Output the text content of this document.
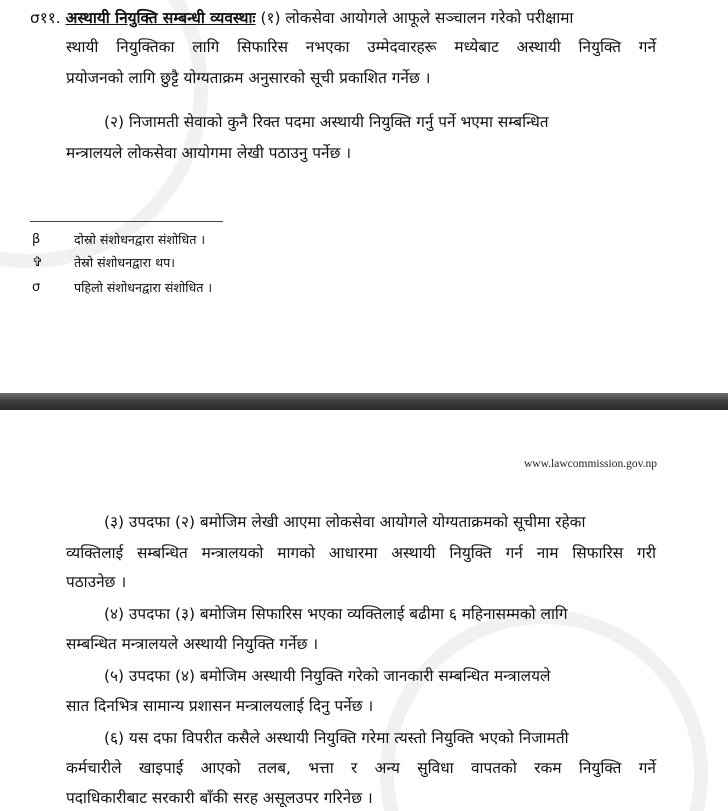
σ११. अस्थायी नियुक्ति सम्बन्धी व्यवस्थाः (१) लोकसेवा आयोगले आफूले सञ्चालन गरेको परीक्षामा
स्थायी नियुक्तिका लागि सिफारिस नभएका उम्मेदवारहरू मध्येबाट अस्थायी नियुक्ति गर्ने
प्रयोजनको लागि छुट्टै योग्यताक्रम अनुसारको सूची प्रकाशित गर्नेछ ।
(२) निजामती सेवाको कुनै रिक्त पदमा अस्थायी नियुक्ति गर्नु पर्ने भएमा सम्बन्धित
मन्त्रालयले लोकसेवा आयोगमा लेखी पठाउनु पर्नेछ ।
β	दोस्रो संशोधनद्वारा संशोधित ।
✞ तेस्रो संशोधनद्वारा थप।
σ	पहिलो संशोधनद्वारा संशोधित ।
www.lawcommission.gov.np
(३) उपदफा (२) बमोजिम लेखी आएमा लोकसेवा आयोगले योग्यताक्रमको सूचीमा रहेका
व्यक्तिलाई सम्बन्धित मन्त्रालयको मागको आधारमा अस्थायी नियुक्ति गर्न नाम सिफारिस गरी
पठाउनेछ ।
(४) उपदफा (३) बमोजिम सिफारिस भएका व्यक्तिलाई बढीमा ६ महिनासम्मको लागि
सम्बन्धित मन्त्रालयले अस्थायी नियुक्ति गर्नेछ ।
(५) उपदफा (४) बमोजिम अस्थायी नियुक्ति गरेको जानकारी सम्बन्धित मन्त्रालयले
सात दिनभित्र सामान्य प्रशासन मन्त्रालयलाई दिनु पर्नेछ ।
(६) यस दफा विपरीत कसैले अस्थायी नियुक्ति गरेमा त्यस्तो नियुक्ति भएको निजामती
कर्मचारीले खाइपाई आएको तलब, भत्ता र अन्य सुविधा वापतको रकम नियुक्ति गर्ने
पदाधिकारीबाट सरकारी बाँकी सरह असूलउपर गरिनेछ ।
